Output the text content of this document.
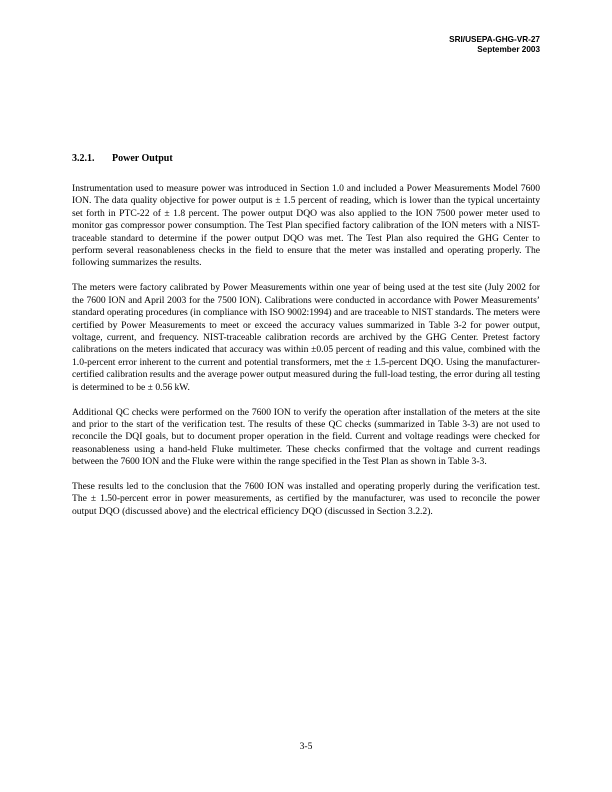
SRI/USEPA-GHG-VR-27
September 2003
3.2.1. Power Output

Instrumentation used to measure power was introduced in Section 1.0 and included a Power Measurements Model 7600 ION. The data quality objective for power output is ± 1.5 percent of reading, which is lower than the typical uncertainty set forth in PTC-22 of ± 1.8 percent. The power output DQO was also applied to the ION 7500 power meter used to monitor gas compressor power consumption. The Test Plan specified factory calibration of the ION meters with a NIST-traceable standard to determine if the power output DQO was met. The Test Plan also required the GHG Center to perform several reasonableness checks in the field to ensure that the meter was installed and operating properly. The following summarizes the results.

The meters were factory calibrated by Power Measurements within one year of being used at the test site (July 2002 for the 7600 ION and April 2003 for the 7500 ION). Calibrations were conducted in accordance with Power Measurements’ standard operating procedures (in compliance with ISO 9002:1994) and are traceable to NIST standards. The meters were certified by Power Measurements to meet or exceed the accuracy values summarized in Table 3-2 for power output, voltage, current, and frequency. NIST-traceable calibration records are archived by the GHG Center. Pretest factory calibrations on the meters indicated that accuracy was within ±0.05 percent of reading and this value, combined with the 1.0-percent error inherent to the current and potential transformers, met the ± 1.5-percent DQO. Using the manufacturer-certified calibration results and the average power output measured during the full-load testing, the error during all testing is determined to be ± 0.56 kW.

Additional QC checks were performed on the 7600 ION to verify the operation after installation of the meters at the site and prior to the start of the verification test. The results of these QC checks (summarized in Table 3-3) are not used to reconcile the DQI goals, but to document proper operation in the field. Current and voltage readings were checked for reasonableness using a hand-held Fluke multimeter. These checks confirmed that the voltage and current readings between the 7600 ION and the Fluke were within the range specified in the Test Plan as shown in Table 3-3.

These results led to the conclusion that the 7600 ION was installed and operating properly during the verification test. The ± 1.50-percent error in power measurements, as certified by the manufacturer, was used to reconcile the power output DQO (discussed above) and the electrical efficiency DQO (discussed in Section 3.2.2).

3-5
